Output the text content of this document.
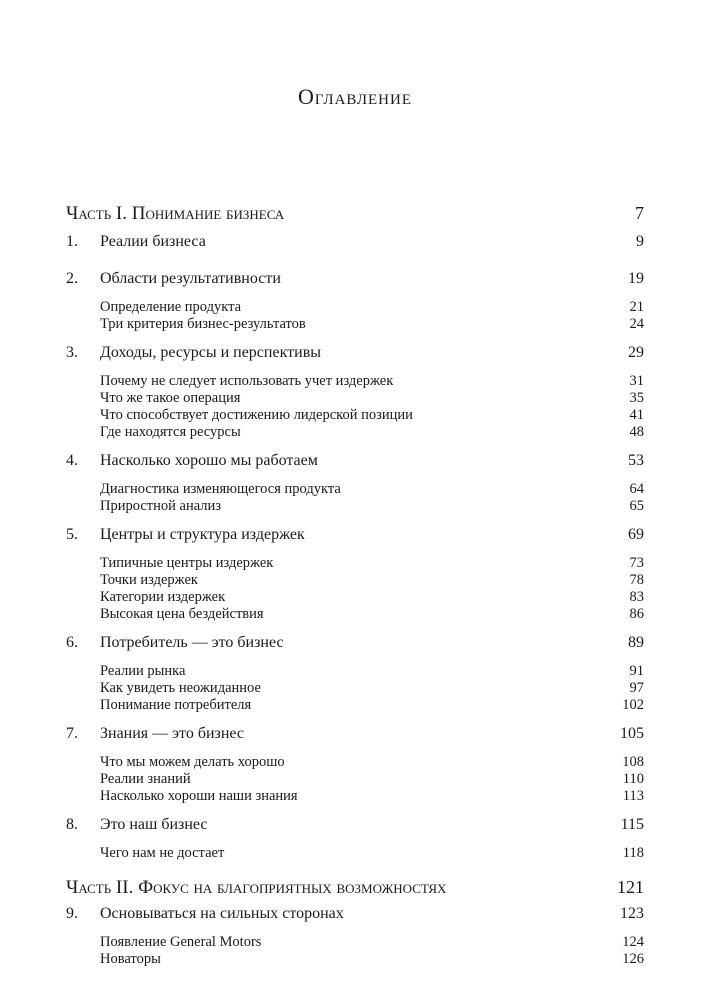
Оглавление
Часть I. Понимание бизнеса	7
1.	Реалии бизнеса	9
2.	Области результативности	19
Определение продукта	21
Три критерия бизнес-результатов	24
3.	Доходы, ресурсы и перспективы	29
Почему не следует использовать учет издержек	31
Что же такое операция	35
Что способствует достижению лидерской позиции	41
Где находятся ресурсы	48
4.	Насколько хорошо мы работаем	53
Диагностика изменяющегося продукта	64
Приростной анализ	65
5.	Центры и структура издержек	69
Типичные центры издержек	73
Точки издержек	78
Категории издержек	83
Высокая цена бездействия	86
6.	Потребитель — это бизнес	89
Реалии рынка	91
Как увидеть неожиданное	97
Понимание потребителя	102
7.	Знания — это бизнес	105
Что мы можем делать хорошо	108
Реалии знаний	110
Насколько хороши наши знания	113
8.	Это наш бизнес	115
Чего нам не достает	118
Часть II. Фокус на благоприятных возможностях	121
9.	Основываться на сильных сторонах	123
Появление General Motors	124
Новаторы	126
